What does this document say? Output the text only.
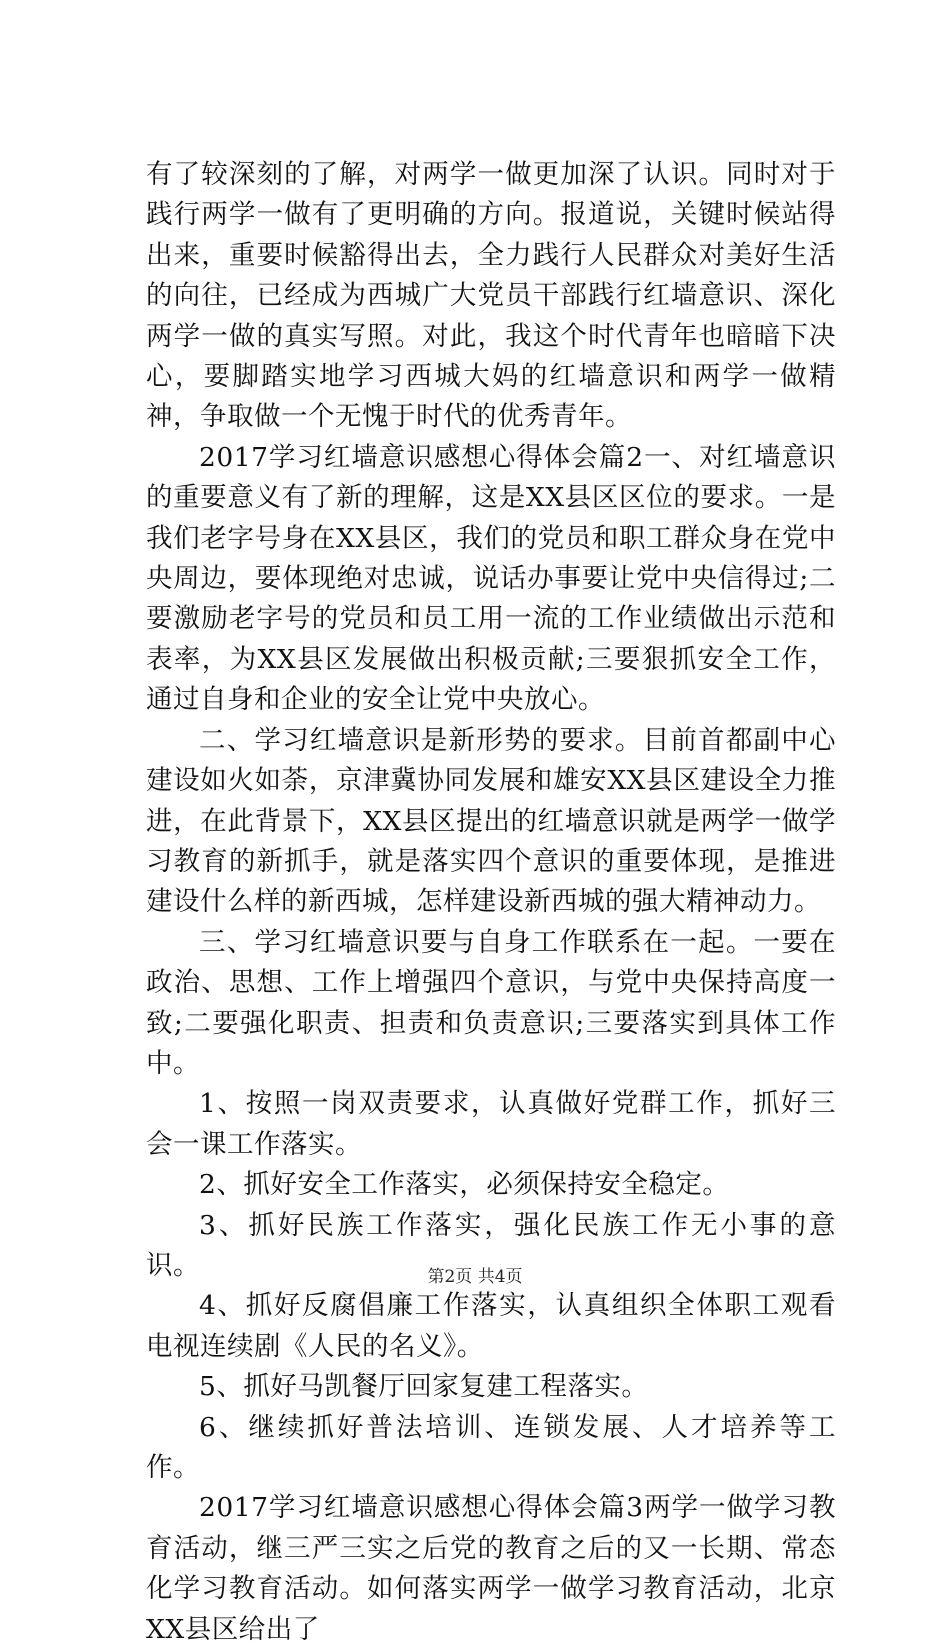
有了较深刻的了解，对两学一做更加深了认识。同时对于践行两学一做有了更明确的方向。报道说，关键时候站得出来，重要时候豁得出去，全力践行人民群众对美好生活的向往，已经成为西城广大党员干部践行红墙意识、深化两学一做的真实写照。对此，我这个时代青年也暗暗下决心，要脚踏实地学习西城大妈的红墙意识和两学一做精神，争取做一个无愧于时代的优秀青年。

2017学习红墙意识感想心得体会篇2一、对红墙意识的重要意义有了新的理解，这是XX县区区位的要求。一是我们老字号身在XX县区，我们的党员和职工群众身在党中央周边，要体现绝对忠诚，说话办事要让党中央信得过;二要激励老字号的党员和员工用一流的工作业绩做出示范和表率，为XX县区发展做出积极贡献;三要狠抓安全工作，通过自身和企业的安全让党中央放心。

二、学习红墙意识是新形势的要求。目前首都副中心建设如火如荼，京津冀协同发展和雄安XX县区建设全力推进，在此背景下，XX县区提出的红墙意识就是两学一做学习教育的新抓手，就是落实四个意识的重要体现，是推进建设什么样的新西城，怎样建设新西城的强大精神动力。

三、学习红墙意识要与自身工作联系在一起。一要在政治、思想、工作上增强四个意识，与党中央保持高度一致;二要强化职责、担责和负责意识;三要落实到具体工作中。

1、按照一岗双责要求，认真做好党群工作，抓好三会一课工作落实。

2、抓好安全工作落实，必须保持安全稳定。

3、抓好民族工作落实，强化民族工作无小事的意识。

4、抓好反腐倡廉工作落实，认真组织全体职工观看电视连续剧《人民的名义》。

5、抓好马凯餐厅回家复建工程落实。

6、继续抓好普法培训、连锁发展、人才培养等工作。

2017学习红墙意识感想心得体会篇3两学一做学习教育活动，继三严三实之后党的教育之后的又一长期、常态化学习教育活动。如何落实两学一做学习教育活动，北京XX县区给出了

第2页 共4页
